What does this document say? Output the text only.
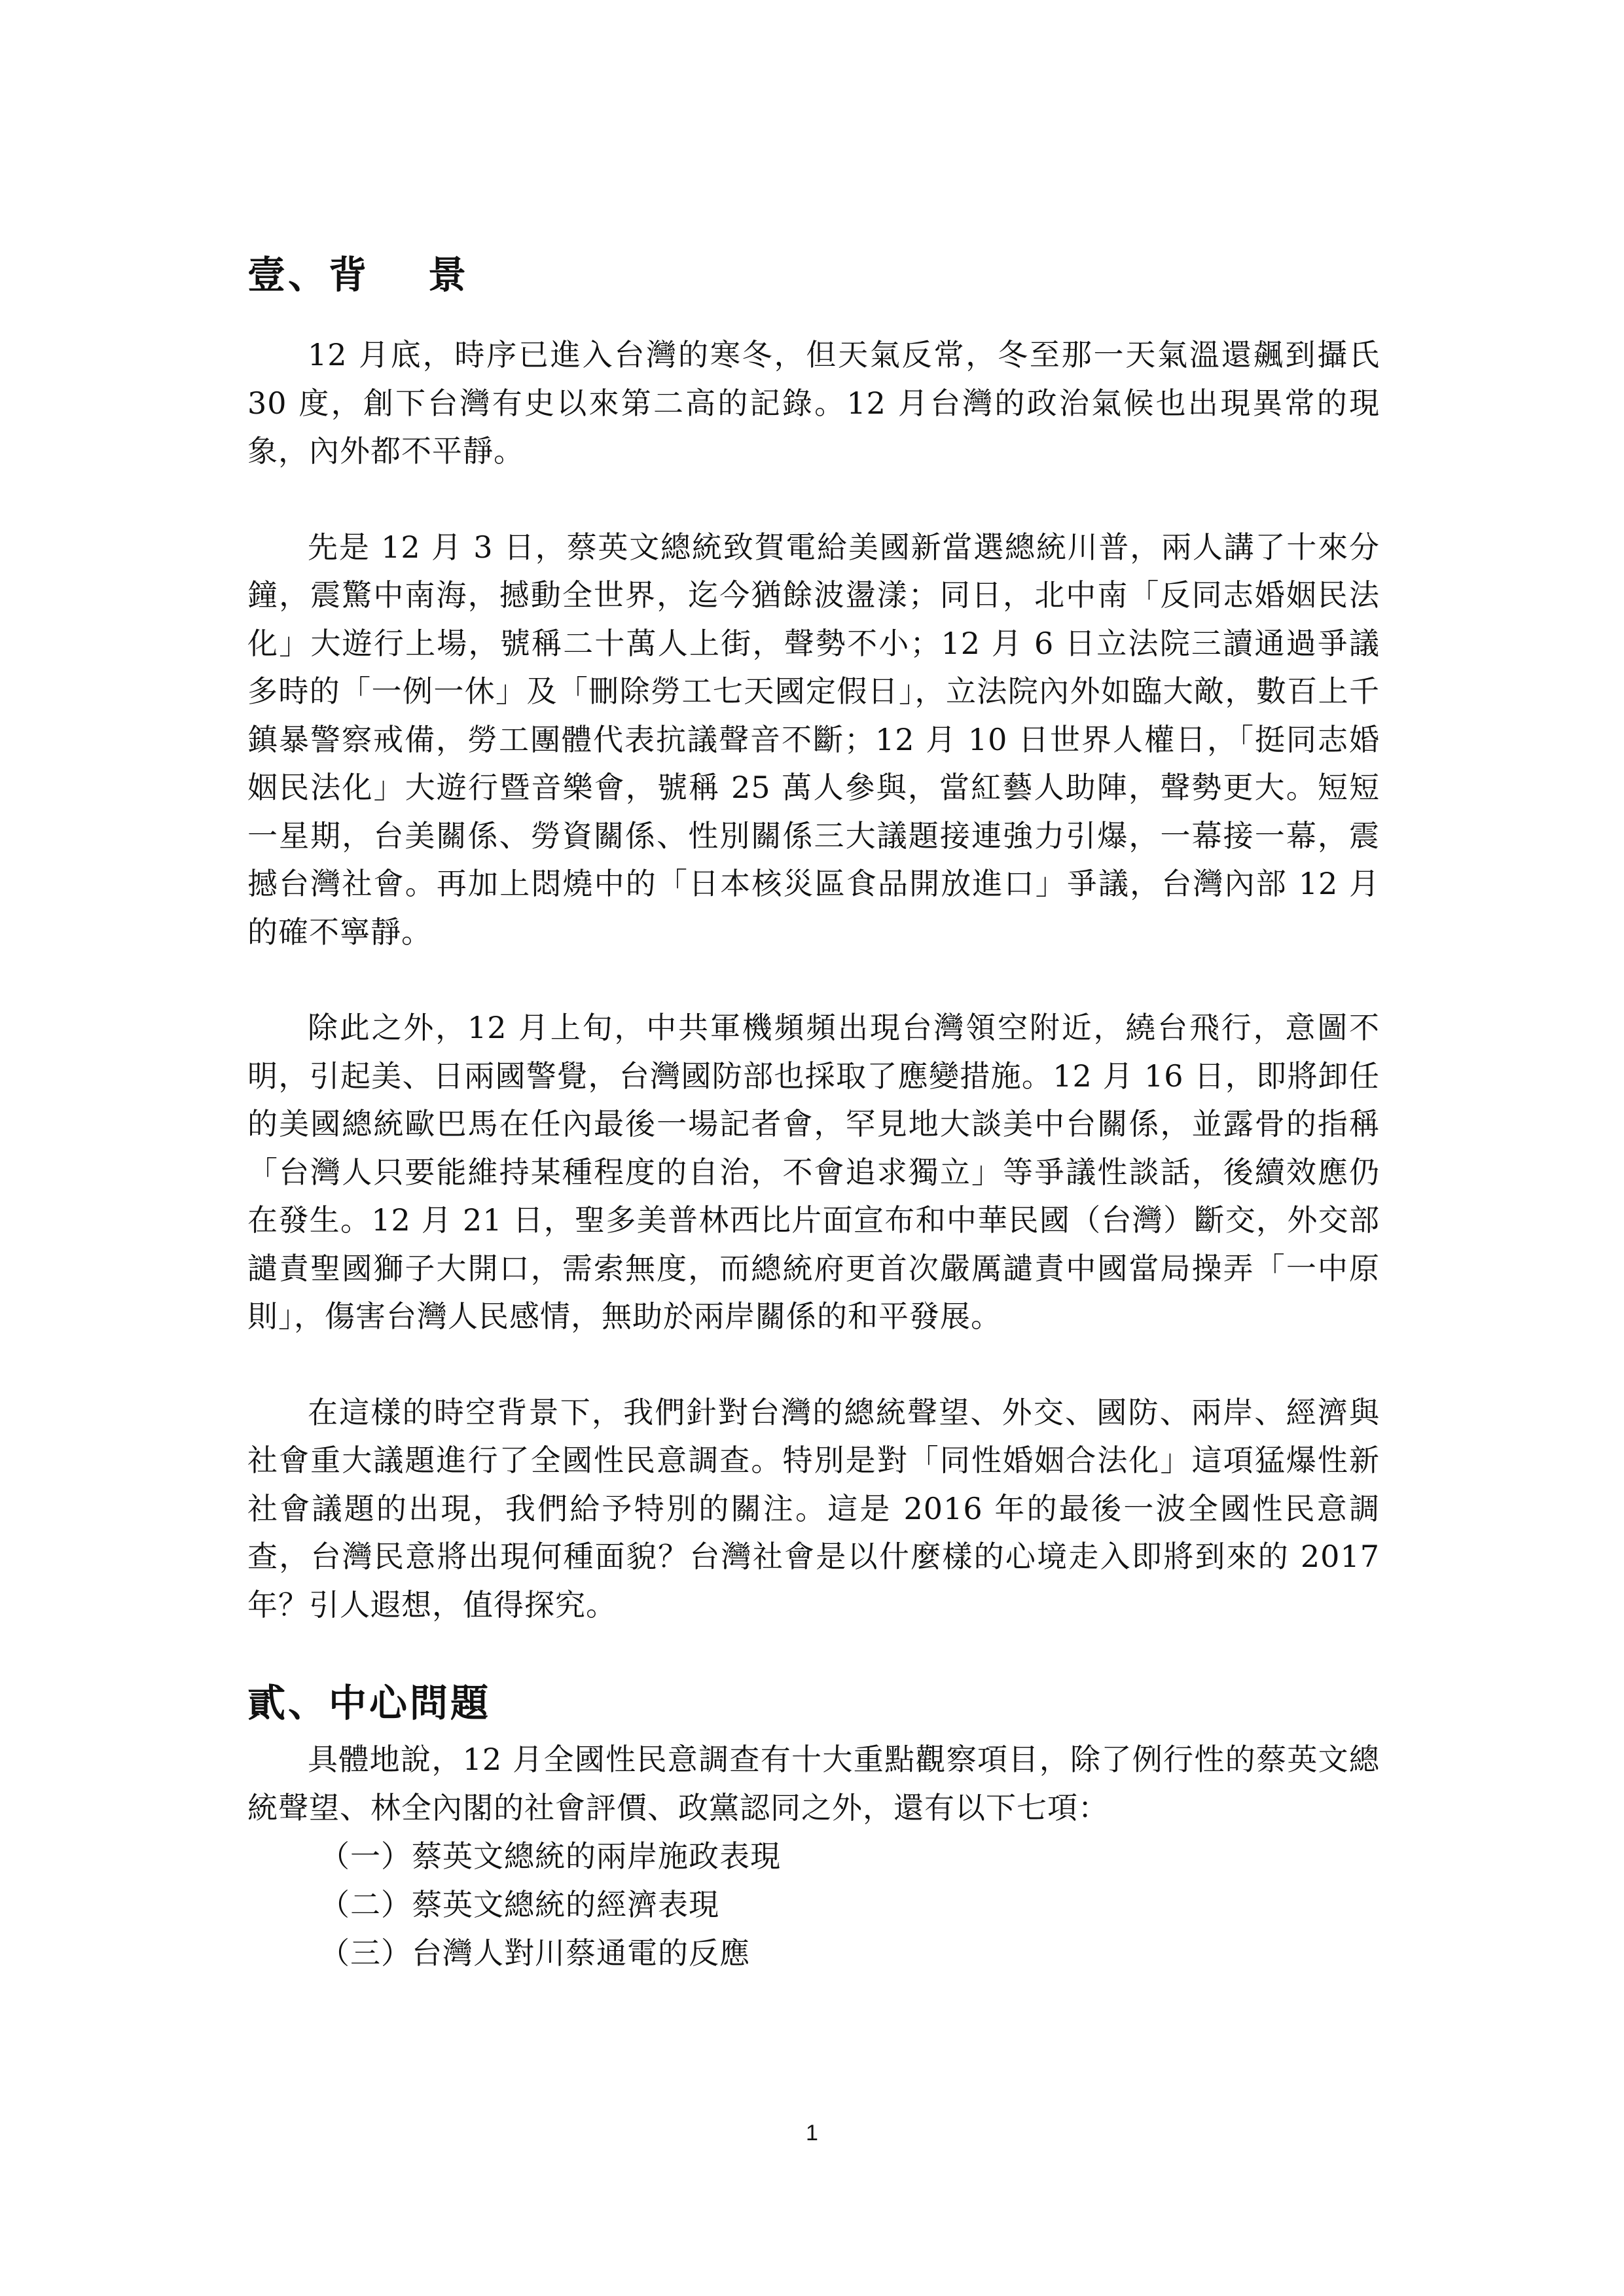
壹、背 景

12 月底，時序已進入台灣的寒冬，但天氣反常，冬至那一天氣溫還飆到攝氏 30 度，創下台灣有史以來第二高的記錄。12 月台灣的政治氣候也出現異常的現象，內外都不平靜。

先是 12 月 3 日，蔡英文總統致賀電給美國新當選總統川普，兩人講了十來分鐘，震驚中南海，撼動全世界，迄今猶餘波盪漾；同日，北中南「反同志婚姻民法化」大遊行上場，號稱二十萬人上街，聲勢不小；12 月 6 日立法院三讀通過爭議多時的「一例一休」及「刪除勞工七天國定假日」，立法院內外如臨大敵，數百上千鎮暴警察戒備，勞工團體代表抗議聲音不斷；12 月 10 日世界人權日，「挺同志婚姻民法化」大遊行暨音樂會，號稱 25 萬人參與，當紅藝人助陣，聲勢更大。短短一星期，台美關係、勞資關係、性別關係三大議題接連強力引爆，一幕接一幕，震撼台灣社會。再加上悶燒中的「日本核災區食品開放進口」爭議，台灣內部 12 月的確不寧靜。

除此之外，12 月上旬，中共軍機頻頻出現台灣領空附近，繞台飛行，意圖不明，引起美、日兩國警覺，台灣國防部也採取了應變措施。12 月 16 日，即將卸任的美國總統歐巴馬在任內最後一場記者會，罕見地大談美中台關係，並露骨的指稱「台灣人只要能維持某種程度的自治，不會追求獨立」等爭議性談話，後續效應仍在發生。12 月 21 日，聖多美普林西比片面宣布和中華民國（台灣）斷交，外交部譴責聖國獅子大開口，需索無度，而總統府更首次嚴厲譴責中國當局操弄「一中原則」，傷害台灣人民感情，無助於兩岸關係的和平發展。

在這樣的時空背景下，我們針對台灣的總統聲望、外交、國防、兩岸、經濟與社會重大議題進行了全國性民意調查。特別是對「同性婚姻合法化」這項猛爆性新社會議題的出現，我們給予特別的關注。這是 2016 年的最後一波全國性民意調查，台灣民意將出現何種面貌？台灣社會是以什麼樣的心境走入即將到來的 2017 年？引人遐想，值得探究。

貳、中心問題

具體地說，12 月全國性民意調查有十大重點觀察項目，除了例行性的蔡英文總統聲望、林全內閣的社會評價、政黨認同之外，還有以下七項：

（一）蔡英文總統的兩岸施政表現
（二）蔡英文總統的經濟表現
（三）台灣人對川蔡通電的反應
1
